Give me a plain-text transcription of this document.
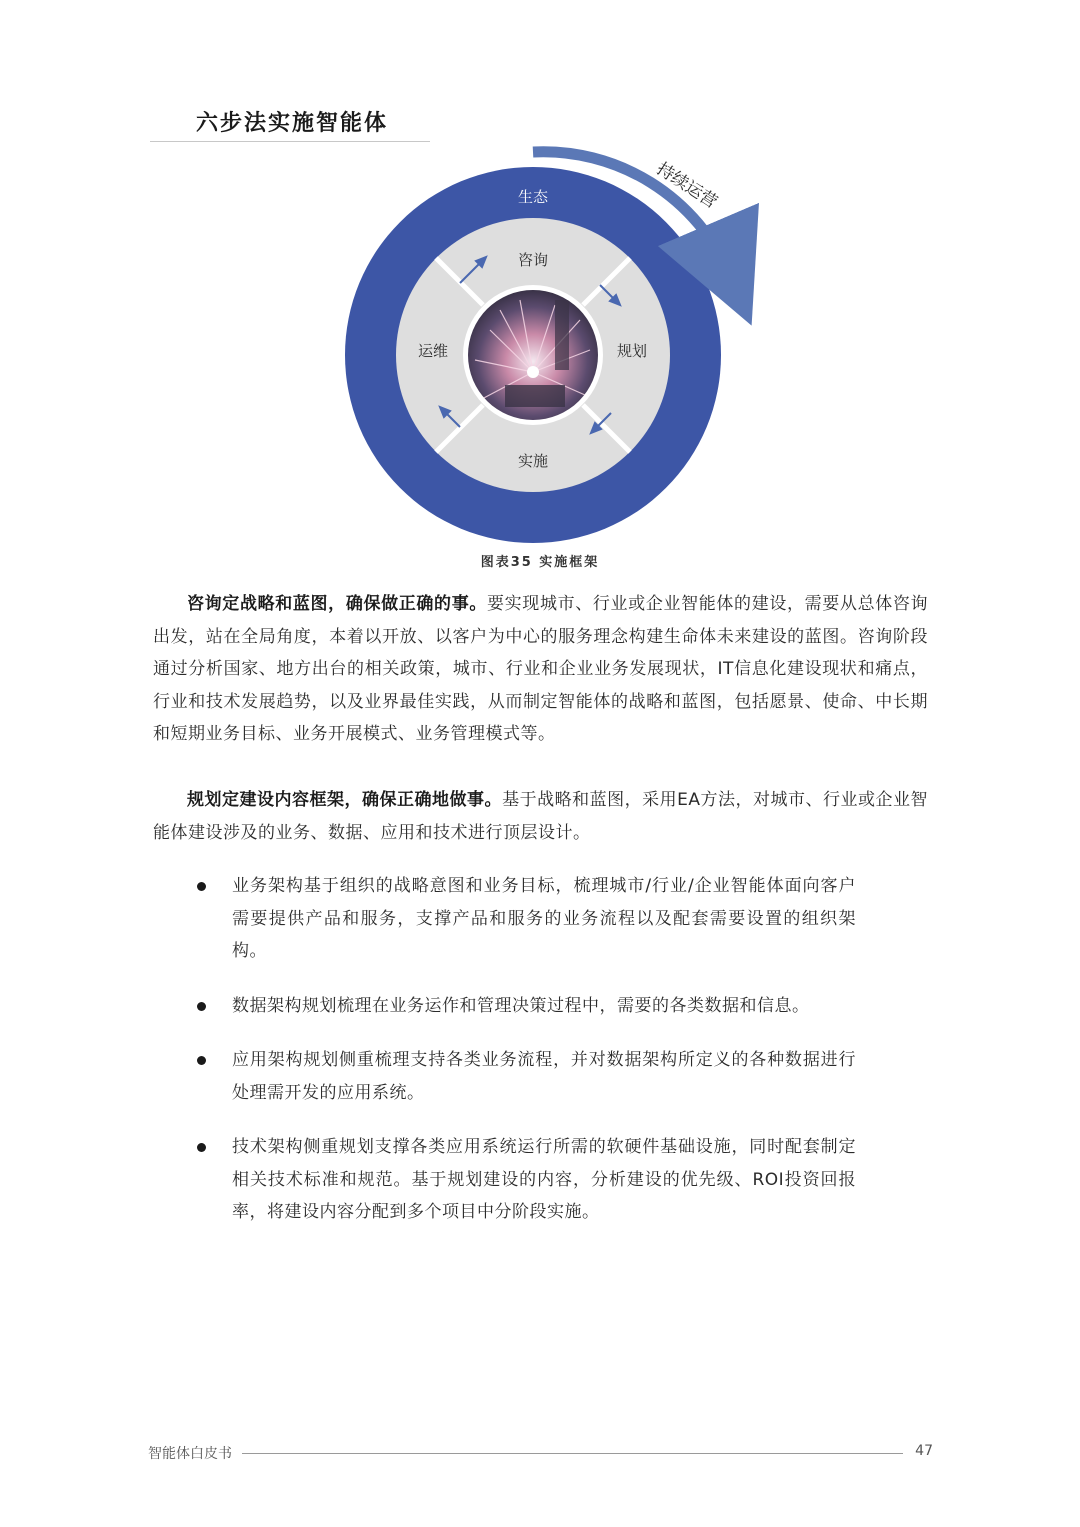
六步法实施智能体
生态
咨询
规划
实施
运维
持续运营
图表35 实施框架

咨询定战略和蓝图，确保做正确的事。要实现城市、行业或企业智能体的建设，需要从总体咨询出发，站在全局角度，本着以开放、以客户为中心的服务理念构建生命体未来建设的蓝图。咨询阶段通过分析国家、地方出台的相关政策，城市、行业和企业业务发展现状，IT信息化建设现状和痛点，行业和技术发展趋势，以及业界最佳实践，从而制定智能体的战略和蓝图，包括愿景、使命、中长期和短期业务目标、业务开展模式、业务管理模式等。

规划定建设内容框架，确保正确地做事。基于战略和蓝图，采用EA方法，对城市、行业或企业智能体建设涉及的业务、数据、应用和技术进行顶层设计。

业务架构基于组织的战略意图和业务目标，梳理城市/行业/企业智能体面向客户需要提供产品和服务，支撑产品和服务的业务流程以及配套需要设置的组织架构。
数据架构规划梳理在业务运作和管理决策过程中，需要的各类数据和信息。
应用架构规划侧重梳理支持各类业务流程，并对数据架构所定义的各种数据进行处理需开发的应用系统。
技术架构侧重规划支撑各类应用系统运行所需的软硬件基础设施，同时配套制定相关技术标准和规范。基于规划建设的内容，分析建设的优先级、ROI投资回报率，将建设内容分配到多个项目中分阶段实施。
智能体白皮书	47
